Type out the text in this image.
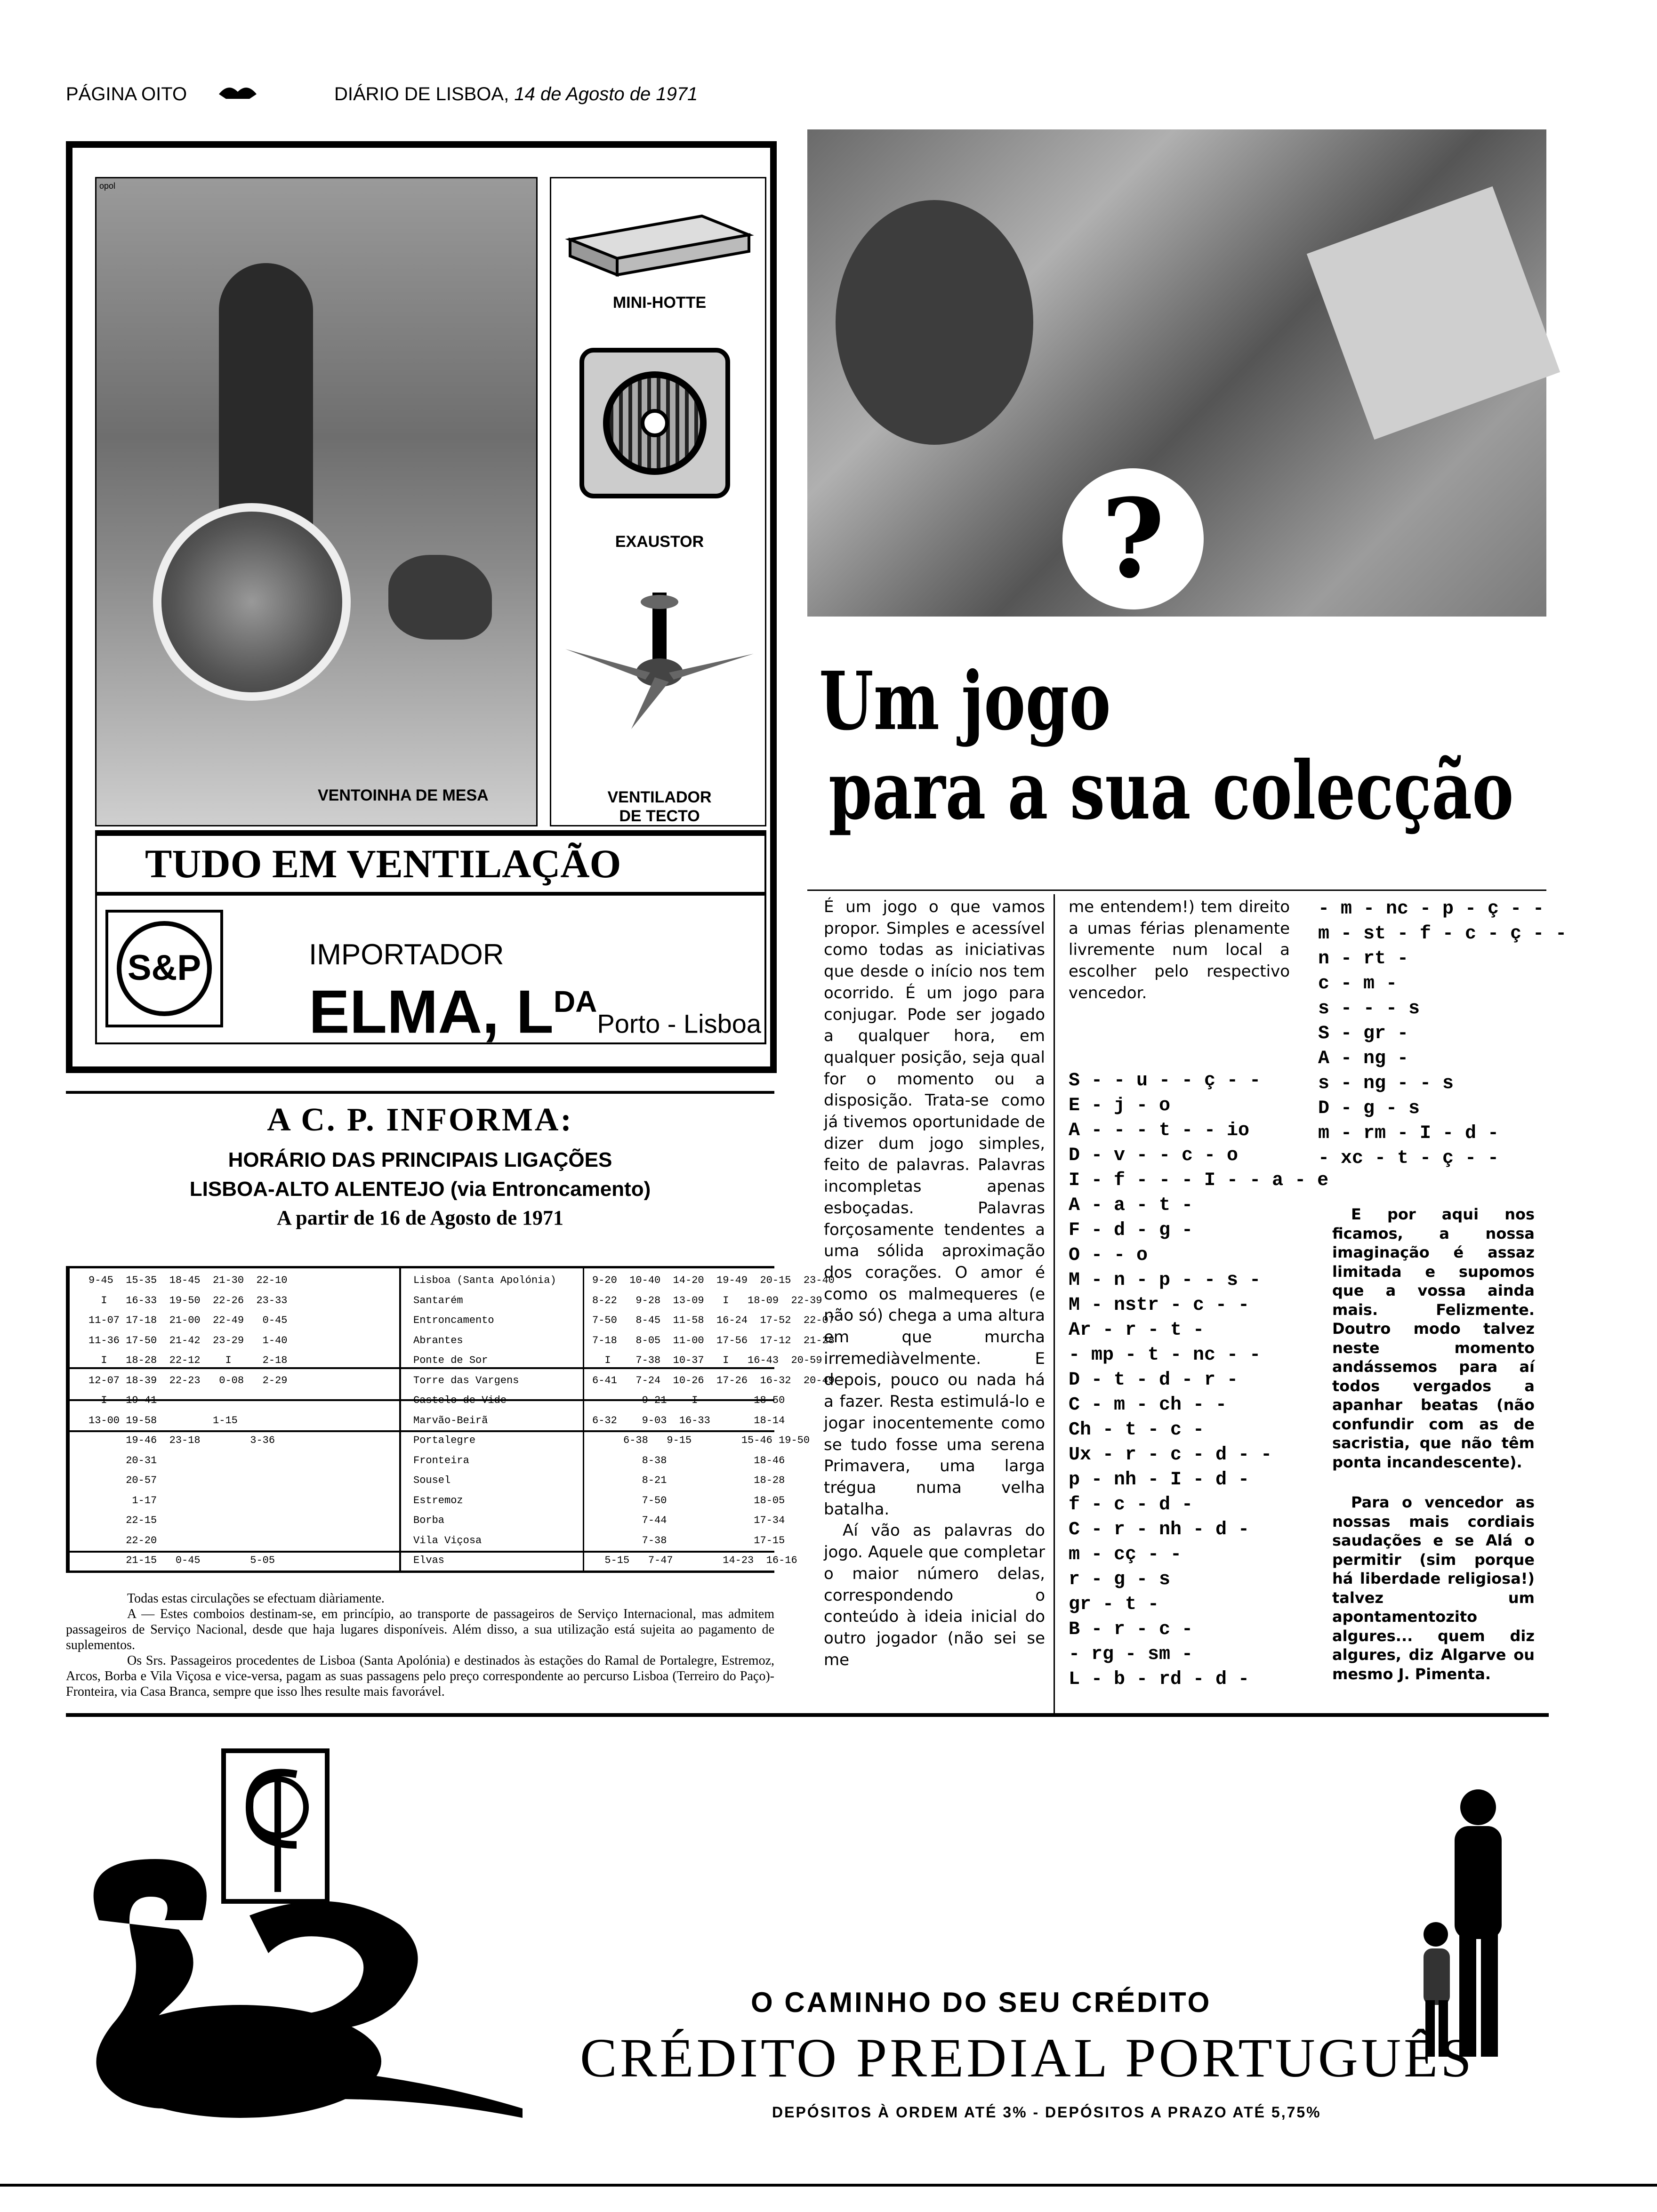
PÁGINA OITO	DIÁRIO DE LISBOA, 14 de Agosto de 1971
opol
VENTOINHA DE MESA
MINI-HOTTE
EXAUSTOR
VENTILADOR
DE TECTO
TUDO EM VENTILAÇÃO
S&P	IMPORTADOR
ELMA, $L^{DA}Porto$ - Lisboa
A C. P. INFORMA:
HORÁRIO DAS PRINCIPAIS LIGAÇÕES
LISBOA-ALTO ALENTEJO (via Entroncamento)
A partir de 16 de Agosto de 1971
9-45  15-35  18-45  21-30  22-10	Lisboa (Santa Apolónia)	9-20  10-40  14-20  19-49  20-15  23-40
I   16-33  19-50  22-26  23-33	Santarém	8-22   9-28  13-09   I   18-09  22-39
11-07 17-18  21-00  22-49   0-45	Entroncamento	7-50   8-45  11-58  16-24  17-52  22-07
11-36 17-50  21-42  23-29   1-40	Abrantes	7-18   8-05  11-00  17-56  17-12  21-28
I   18-28  22-12    I     2-18	Ponte de Sor	I    7-38  10-37   I   16-43  20-59
12-07 18-39  22-23   0-08   2-29	Torre das Vargens	6-41   7-24  10-26  17-26  16-32  20-49
I   19-41	Castelo de Vide	9-21    I         18-50
13-00 19-58         1-15	Marvão-Beirã	6-32    9-03  16-33       18-14
19-46  23-18        3-36	Portalegre	6-38   9-15        15-46 19-50
20-31	Fronteira	8-38              18-46
20-57	Sousel	8-21              18-28
1-17	Estremoz	7-50              18-05
22-15	Borba	7-44              17-34
22-20	Vila Viçosa	7-38              17-15
21-15   0-45        5-05	Elvas	5-15   7-47        14-23  16-16
Todas estas circulações se efectuam diàriamente.
A — Estes comboios destinam-se, em princípio, ao transporte de passageiros de Serviço Internacional, mas admitem passageiros de Serviço Nacional, desde que haja lugares disponíveis. Além disso, a sua utilização está sujeita ao pagamento de suplementos.
Os Srs. Passageiros procedentes de Lisboa (Santa Apolónia) e destinados às estações do Ramal de Portalegre, Estremoz, Arcos, Borba e Vila Viçosa e vice-versa, pagam as suas passagens pelo preço correspondente ao percurso Lisboa (Terreiro do Paço)-Fronteira, via Casa Branca, sempre que isso lhes resulte mais favorável.
?
Um jogo
para a sua colecção
É um jogo o que vamos propor. Simples e acessível como todas as iniciativas que desde o início nos tem ocorrido. É um jogo para conjugar. Pode ser jogado a qualquer hora, em qualquer posição, seja qual for o momento ou a disposição. Trata-se como já tivemos oportunidade de dizer dum jogo simples, feito de palavras. Palavras incompletas apenas esboçadas. Palavras forçosamente tendentes a uma sólida aproximação dos corações. O amor é como os malmequeres (e não só) chega a uma altura em que murcha irremediàvelmente. E depois, pouco ou nada há a fazer. Resta estimulá-lo e jogar inocentemente como se tudo fosse uma serena Primavera, uma larga trégua numa velha batalha.
Aí vão as palavras do jogo. Aquele que completar o maior número delas, correspondendo o conteúdo à ideia inicial do outro jogador (não sei se me
me entendem!) tem direito a umas férias plenamente livremente num local a escolher pelo respectivo vencedor.
S - - u - - ç - -
E - j - o
A - - - t - - io
D - v - - c - o
I - f - - - I - - a - e
A - a - t -
F - d - g -
O - - o
M - n - p - - s -
M - nstr - c - -
Ar - r - t -
- mp - t - nc - -
D - t - d - r -
C - m - ch - -
Ch - t - c -
Ux - r - c - d - -
p - nh - I - d -
f - c - d -
C - r - nh - d -
m - cç - -
r - g - s
gr - t -
B - r - c -
- rg - sm -
L - b - rd - d -
- m - nc - p - ç - -
m - st - f - c - ç - -
n - rt -
c - m -
s - - - s
S - gr -
A - ng -
s - ng - - s
D - g - s
m - rm - I - d -
- xc - t - ç - -
E por aqui nos ficamos, a nossa imaginação é assaz limitada e supomos que a vossa ainda mais. Felizmente. Doutro modo talvez neste momento andássemos para aí todos vergados a apanhar beatas (não confundir com as de sacristia, que não têm ponta incandescente).
Para o vencedor as nossas mais cordiais saudações e se Alá o permitir (sim porque há liberdade religiosa!) talvez um apontamentozito algures... quem diz algures, diz Algarve ou mesmo J. Pimenta.
O CAMINHO DO SEU CRÉDITO
CRÉDITO PREDIAL PORTUGUÊS
DEPÓSITOS À ORDEM ATÉ 3% - DEPÓSITOS A PRAZO ATÉ 5,75%
